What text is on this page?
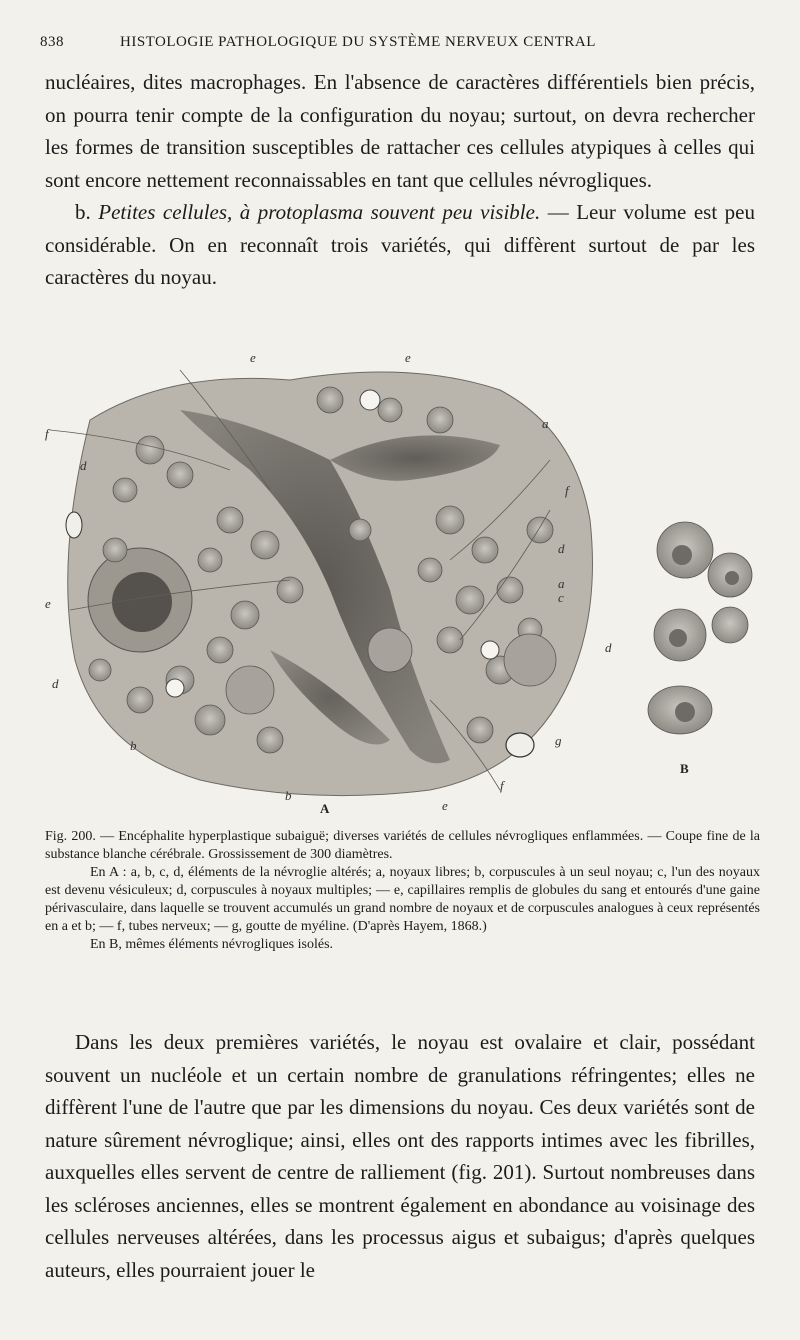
838	HISTOLOGIE PATHOLOGIQUE DU SYSTÈME NERVEUX CENTRAL

nucléaires, dites macrophages. En l'absence de caractères différentiels bien précis, on pourra tenir compte de la configuration du noyau; surtout, on devra rechercher les formes de transition susceptibles de rattacher ces cellules atypiques à celles qui sont encore nettement reconnaissables en tant que cellules névrogliques.

b. Petites cellules, à protoplasma souvent peu visible. — Leur volume est peu considérable. On en reconnaît trois variétés, qui diffèrent surtout de par les caractères du noyau.

e	e
a
f
d
f
d
a
c
e
d
d
g
b
f
b
e
A
B

Fig. 200. — Encéphalite hyperplastique subaiguë; diverses variétés de cellules névrogliques enflammées. — Coupe fine de la substance blanche cérébrale. Grossissement de 300 diamètres.

En A : a, b, c, d, éléments de la névroglie altérés; a, noyaux libres; b, corpuscules à un seul noyau; c, l'un des noyaux est devenu vésiculeux; d, corpuscules à noyaux multiples; — e, capillaires remplis de globules du sang et entourés d'une gaine périvasculaire, dans laquelle se trouvent accumulés un grand nombre de noyaux et de corpuscules analogues à ceux représentés en a et b; — f, tubes nerveux; — g, goutte de myéline. (D'après Hayem, 1868.)

En B, mêmes éléments névrogliques isolés.

Dans les deux premières variétés, le noyau est ovalaire et clair, possédant souvent un nucléole et un certain nombre de granulations réfringentes; elles ne diffèrent l'une de l'autre que par les dimensions du noyau. Ces deux variétés sont de nature sûrement névroglique; ainsi, elles ont des rapports intimes avec les fibrilles, auxquelles elles servent de centre de ralliement (fig. 201). Surtout nombreuses dans les scléroses anciennes, elles se montrent également en abondance au voisinage des cellules nerveuses altérées, dans les processus aigus et subaigus; d'après quelques auteurs, elles pourraient jouer le
